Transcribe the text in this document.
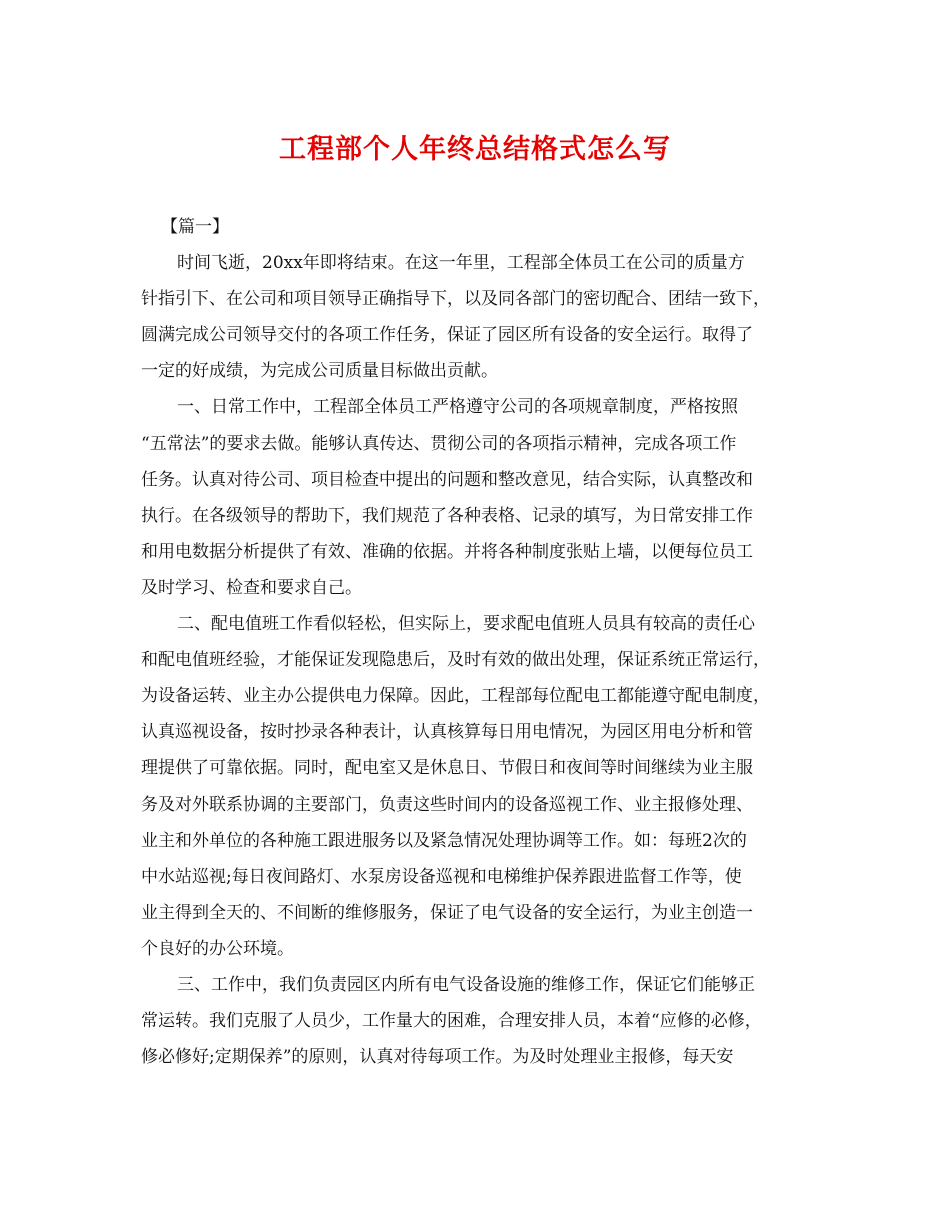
工程部个人年终总结格式怎么写
【篇一】
时间飞逝，20xx年即将结束。在这一年里，工程部全体员工在公司的质量方
针指引下、在公司和项目领导正确指导下，以及同各部门的密切配合、团结一致下，
圆满完成公司领导交付的各项工作任务，保证了园区所有设备的安全运行。取得了
一定的好成绩，为完成公司质量目标做出贡献。
一、日常工作中，工程部全体员工严格遵守公司的各项规章制度，严格按照
“五常法”的要求去做。能够认真传达、贯彻公司的各项指示精神，完成各项工作
任务。认真对待公司、项目检查中提出的问题和整改意见，结合实际，认真整改和
执行。在各级领导的帮助下，我们规范了各种表格、记录的填写，为日常安排工作
和用电数据分析提供了有效、准确的依据。并将各种制度张贴上墙，以便每位员工
及时学习、检查和要求自己。
二、配电值班工作看似轻松，但实际上，要求配电值班人员具有较高的责任心
和配电值班经验，才能保证发现隐患后，及时有效的做出处理，保证系统正常运行，
为设备运转、业主办公提供电力保障。因此，工程部每位配电工都能遵守配电制度，
认真巡视设备，按时抄录各种表计，认真核算每日用电情况，为园区用电分析和管
理提供了可靠依据。同时，配电室又是休息日、节假日和夜间等时间继续为业主服
务及对外联系协调的主要部门，负责这些时间内的设备巡视工作、业主报修处理、
业主和外单位的各种施工跟进服务以及紧急情况处理协调等工作。如：每班2次的
中水站巡视;每日夜间路灯、水泵房设备巡视和电梯维护保养跟进监督工作等，使
业主得到全天的、不间断的维修服务，保证了电气设备的安全运行，为业主创造一
个良好的办公环境。
三、工作中，我们负责园区内所有电气设备设施的维修工作，保证它们能够正
常运转。我们克服了人员少，工作量大的困难，合理安排人员，本着“应修的必修，
修必修好;定期保养”的原则，认真对待每项工作。为及时处理业主报修，每天安
